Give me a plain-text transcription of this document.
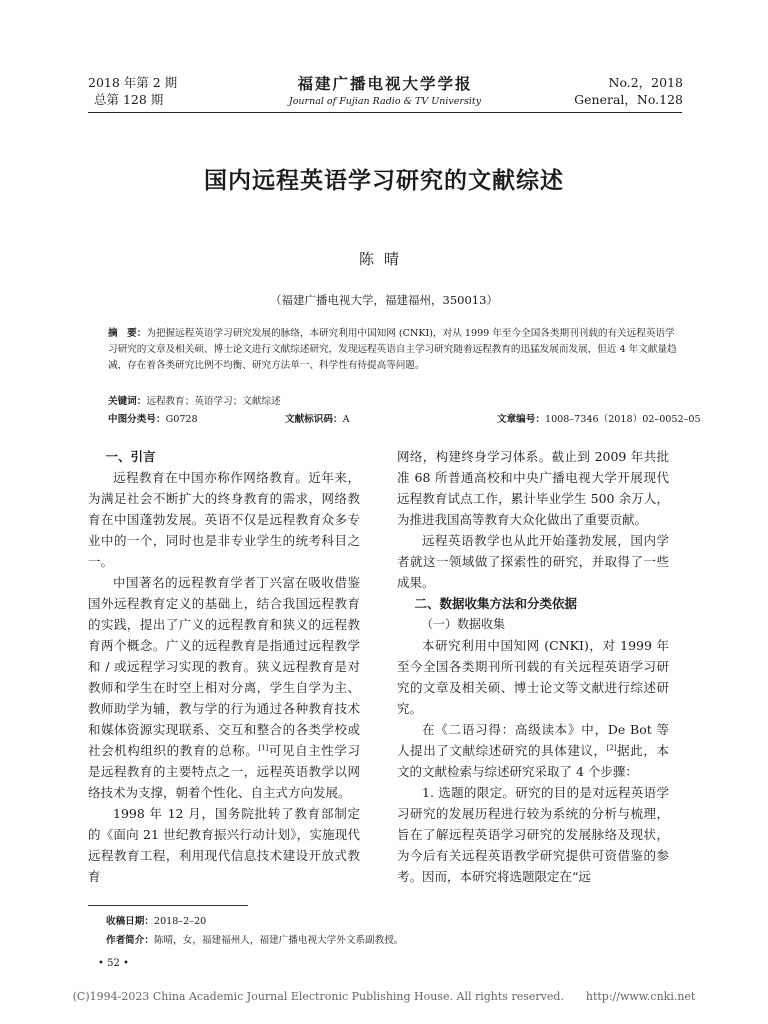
2018 年第 2 期
总第 128 期
福建广播电视大学学报
Journal of Fujian Radio & TV University
No.2，2018
General，No.128
国内远程英语学习研究的文献综述
陈晴
（福建广播电视大学，福建福州，350013）
摘　要：为把握远程英语学习研究发展的脉络，本研究利用中国知网 (CNKI)，对从 1999 年至今全国各类期刊刊载的有关远程英语学习研究的文章及相关硕、博士论文进行文献综述研究，发现远程英语自主学习研究随着远程教育的迅猛发展而发展，但近 4 年文献量趋减，存在着各类研究比例不均衡、研究方法单一、科学性有待提高等问题。
关键词：远程教育；英语学习；文献综述
中图分类号：G0728	文献标识码：A	文章编号：1008–7346（2018）02–0052–05
一、引言

远程教育在中国亦称作网络教育。近年来，为满足社会不断扩大的终身教育的需求，网络教育在中国蓬勃发展。英语不仅是远程教育众多专业中的一个，同时也是非专业学生的统考科目之一。

中国著名的远程教育学者丁兴富在吸收借鉴国外远程教育定义的基础上，结合我国远程教育的实践，提出了广义的远程教育和狭义的远程教育两个概念。广义的远程教育是指通过远程教学和 / 或远程学习实现的教育。狭义远程教育是对教师和学生在时空上相对分离，学生自学为主、教师助学为辅，教与学的行为通过各种教育技术和媒体资源实现联系、交互和整合的各类学校或社会机构组织的教育的总称。[1]可见自主性学习是远程教育的主要特点之一，远程英语教学以网络技术为支撑，朝着个性化、自主式方向发展。

1998 年 12 月，国务院批转了教育部制定的《面向 21 世纪教育振兴行动计划》，实施现代远程教育工程，利用现代信息技术建设开放式教育

网络，构建终身学习体系。截止到 2009 年共批准 68 所普通高校和中央广播电视大学开展现代远程教育试点工作，累计毕业学生 500 余万人，为推进我国高等教育大众化做出了重要贡献。

远程英语教学也从此开始蓬勃发展，国内学者就这一领域做了探索性的研究，并取得了一些成果。

二、数据收集方法和分类依据
（一）数据收集

本研究利用中国知网 (CNKI)，对 1999 年至今全国各类期刊所刊载的有关远程英语学习研究的文章及相关硕、博士论文等文献进行综述研究。

在《二语习得：高级读本》中，De Bot 等人提出了文献综述研究的具体建议，[2]据此，本文的文献检索与综述研究采取了 4 个步骤：

1. 选题的限定。研究的目的是对远程英语学习研究的发展历程进行较为系统的分析与梳理，旨在了解远程英语学习研究的发展脉络及现状，为今后有关远程英语教学研究提供可资借鉴的参考。因而，本研究将选题限定在“远

收稿日期：2018–2–20
作者简介：陈晴，女，福建福州人，福建广播电视大学外文系副教授。
• 52 •
(C)1994-2023 China Academic Journal Electronic Publishing House. All rights reserved.　　http://www.cnki.net
